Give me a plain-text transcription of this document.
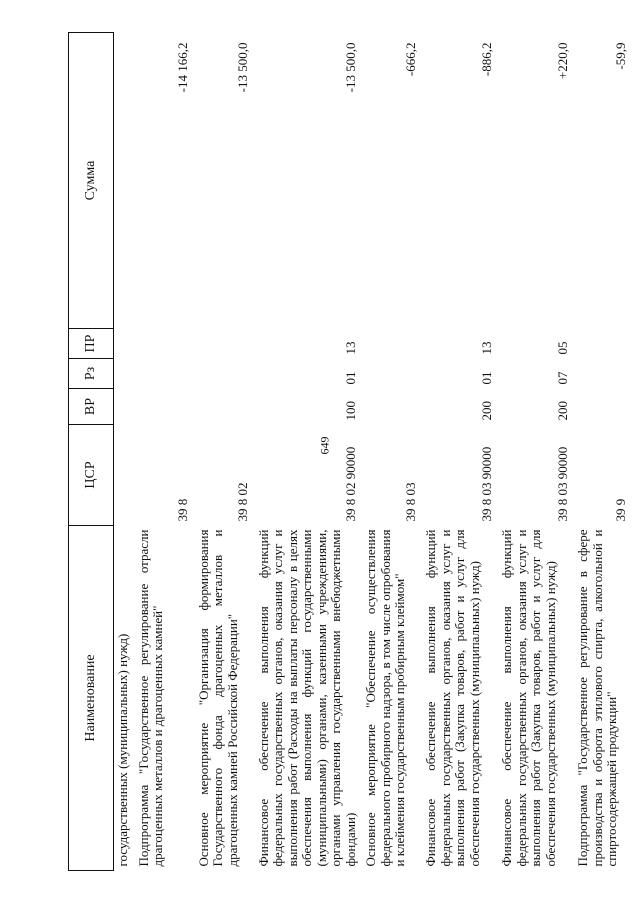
649
Наименование	ЦСР	ВР	Рз	ПР	Сумма
государственных (муниципальных) нужд)					
Подпрограмма "Государственное регулирование отрасли драгоценных металлов и драгоценных камней"	39 8				-14 166,2
Основное мероприятие "Организация формирования Государственного фонда драгоценных металлов и драгоценных камней Российской Федерации"	39 8 02				-13 500,0
Финансовое обеспечение выполнения функций федеральных государственных органов, оказания услуг и выполнения работ (Расходы на выплаты персоналу в целях обеспечения выполнения функций государственными (муниципальными) органами, казенными учреждениями, органами управления государственными внебюджетными фондами)	39 8 02 90000	100	01	13	-13 500,0
Основное мероприятие "Обеспечение осуществления федерального пробирного надзора, в том числе опробования и клеймения государственным пробирным клеймом"	39 8 03				-666,2
Финансовое обеспечение выполнения функций федеральных государственных органов, оказания услуг и выполнения работ (Закупка товаров, работ и услуг для обеспечения государственных (муниципальных) нужд)	39 8 03 90000	200	01	13	-886,2
Финансовое обеспечение выполнения функций федеральных государственных органов, оказания услуг и выполнения работ (Закупка товаров, работ и услуг для обеспечения государственных (муниципальных) нужд)	39 8 03 90000	200	07	05	+220,0
Подпрограмма "Государственное регулирование в сфере производства и оборота этилового спирта, алкогольной и спиртосодержащей продукции"	39 9				-59,9
